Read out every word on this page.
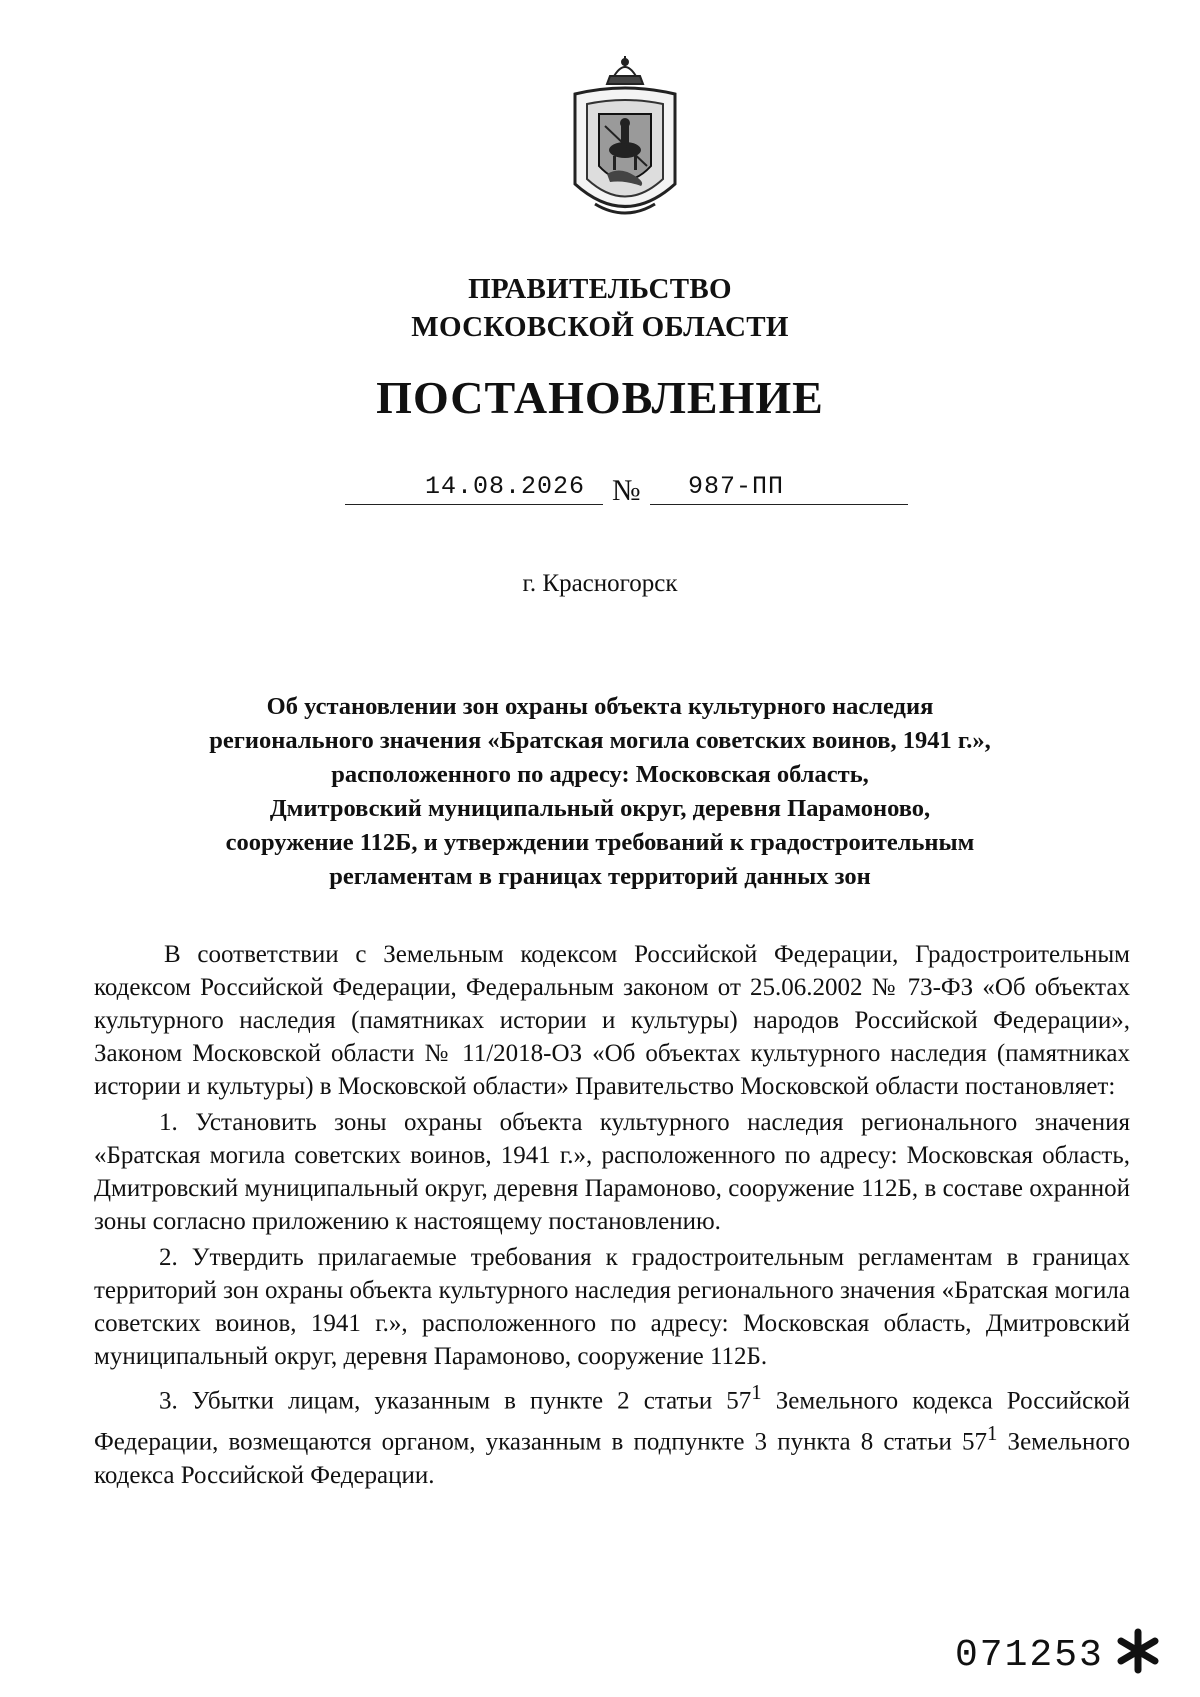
ПРАВИТЕЛЬСТВО
МОСКОВСКОЙ ОБЛАСТИ
ПОСТАНОВЛЕНИЕ
14.08.2026 № 987-ПП
г. Красногорск
Об установлении зон охраны объекта культурного наследия
регионального значения «Братская могила советских воинов, 1941 г.»,
расположенного по адресу: Московская область,
Дмитровский муниципальный округ, деревня Парамоново,
сооружение 112Б, и утверждении требований к градостроительным
регламентам в границах территорий данных зон

В соответствии с Земельным кодексом Российской Федерации, Градостроительным кодексом Российской Федерации, Федеральным законом от 25.06.2002 № 73-ФЗ «Об объектах культурного наследия (памятниках истории и культуры) народов Российской Федерации», Законом Московской области № 11/2018-ОЗ «Об объектах культурного наследия (памятниках истории и культуры) в Московской области» Правительство Московской области постановляет:

1. Установить зоны охраны объекта культурного наследия регионального значения «Братская могила советских воинов, 1941 г.», расположенного по адресу: Московская область, Дмитровский муниципальный округ, деревня Парамоново, сооружение 112Б, в составе охранной зоны согласно приложению к настоящему постановлению.

2. Утвердить прилагаемые требования к градостроительным регламентам в границах территорий зон охраны объекта культурного наследия регионального значения «Братская могила советских воинов, 1941 г.», расположенного по адресу: Московская область, Дмитровский муниципальный округ, деревня Парамоново, сооружение 112Б.

3. Убытки лицам, указанным в пункте 2 статьи $57^1$ Земельного кодекса Российской Федерации, возмещаются органом, указанным в подпункте 3 пункта 8 статьи $57^1$ Земельного кодекса Российской Федерации.

071253
